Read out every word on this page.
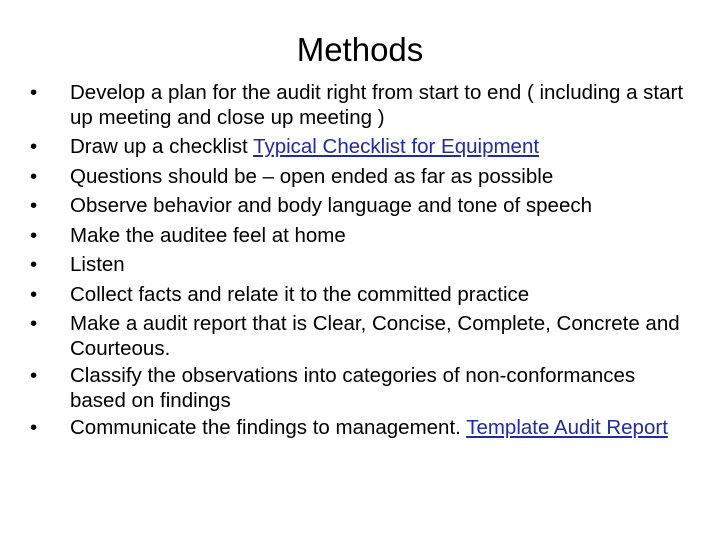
Methods
•	Develop a plan for the audit right from start to end ( including a start up meeting and close up meeting )
•	Draw up a checklist Typical Checklist for Equipment
•	Questions should be – open ended as far as possible
•	Observe behavior and body language and tone of speech
•	Make the auditee feel at home
•	Listen
•	Collect facts and relate it to the committed practice
•	Make a audit report that is Clear, Concise, Complete, Concrete and Courteous.
•	Classify the observations into categories of non-conformances based on findings
•	Communicate the findings to management. Template Audit Report
